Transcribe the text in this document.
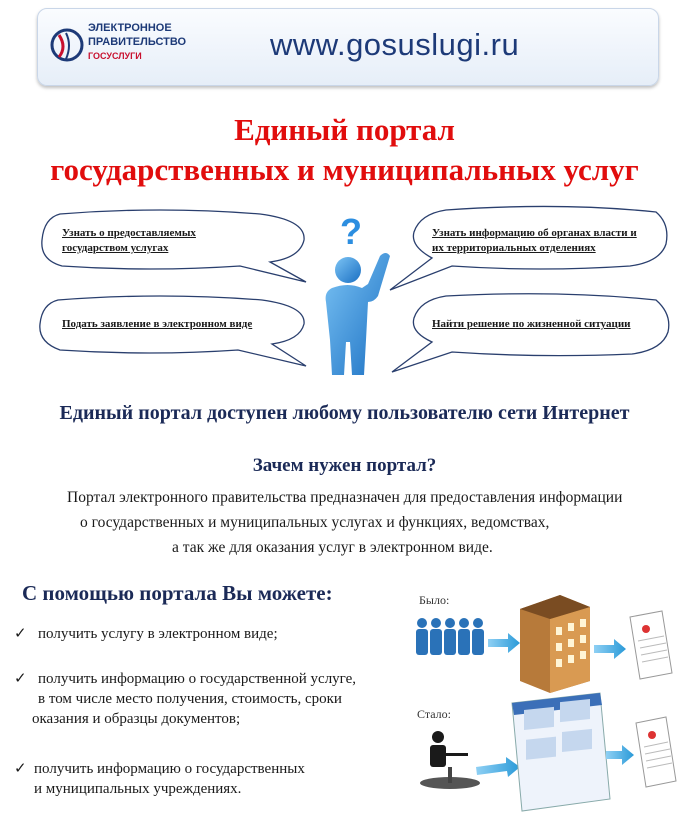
ЭЛЕКТРОННОЕ
ПРАВИТЕЛЬСТВО
ГОСУСЛУГИ	www.gosuslugi.ru
Единый портал
государственных и муниципальных услуг
Узнать о предоставляемых
государством услугах
Узнать информацию об органах власти и
их территориальных отделениях
Подать заявление в электронном виде	Найти решение по жизненной ситуации
?
Единый портал доступен любому пользователю сети Интернет
Зачем нужен портал?
Портал электронного правительства предназначен для предоставления информации
о государственных и муниципальных услугах и функциях, ведомствах,
а так же для оказания услуг в электронном виде.
С помощью портала Вы можете:
✓ получить услугу в электронном виде;
✓ получить информацию о государственной услуге,
в том числе место получения, стоимость, сроки
оказания и образцы документов;
✓ получить информацию о государственных
и муниципальных учреждениях.
Было:
Стало:
